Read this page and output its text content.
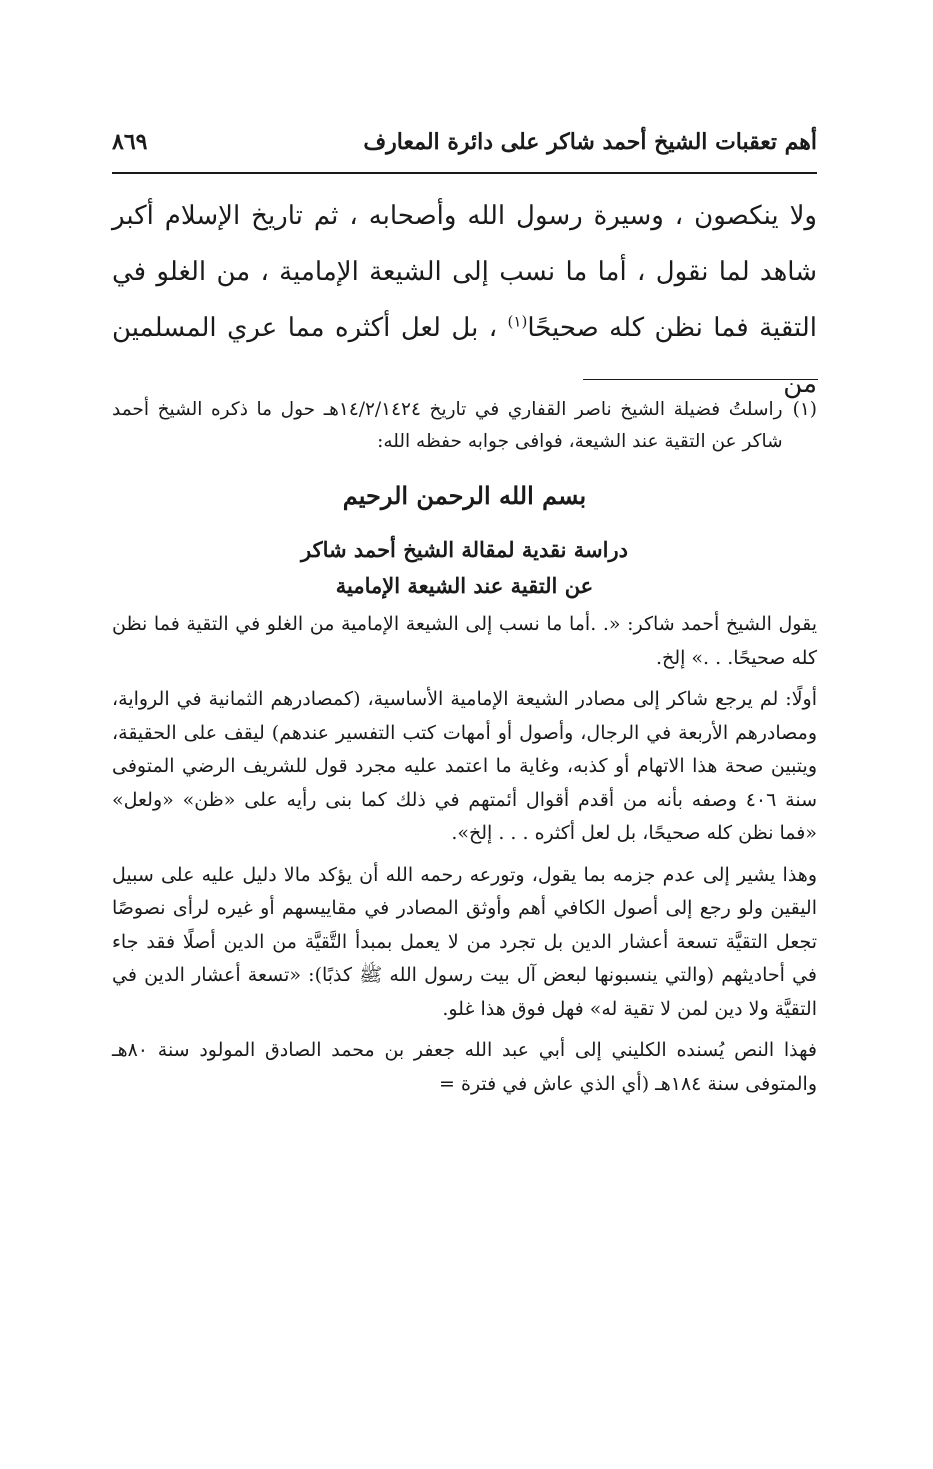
أهم تعقبات الشيخ أحمد شاكر على دائرة المعارف
٨٦٩

ولا ينكصون ، وسيرة رسول الله وأصحابه ، ثم تاريخ الإسلام أكبر شاهد لما نقول ، أما ما نسب إلى الشيعة الإمامية ، من الغلو في التقية فما نظن كله صحيحًا$^{(١)}$ ، بل لعل أكثره مما عري المسلمين من

(١)
راسلتُ فضيلة الشيخ ناصر القفاري في تاريخ ١٤/٢/١٤٢٤هـ حول ما ذكره الشيخ أحمد شاكر عن التقية عند الشيعة، فوافى جوابه حفظه الله:
بسم الله الرحمن الرحيم
دراسة نقدية لمقالة الشيخ أحمد شاكر
عن التقية عند الشيعة الإمامية

يقول الشيخ أحمد شاكر: «. .أما ما نسب إلى الشيعة الإمامية من الغلو في التقية فما نظن كله صحيحًا. . .» إلخ.

أولًا: لم يرجع شاكر إلى مصادر الشيعة الإمامية الأساسية، (كمصادرهم الثمانية في الرواية، ومصادرهم الأربعة في الرجال، وأصول أو أمهات كتب التفسير عندهم) ليقف على الحقيقة، ويتبين صحة هذا الاتهام أو كذبه، وغاية ما اعتمد عليه مجرد قول للشريف الرضي المتوفى سنة ٤٠٦ وصفه بأنه من أقدم أقوال أئمتهم في ذلك كما بنى رأيه على «ظن» «ولعل» «فما نظن كله صحيحًا، بل لعل أكثره . . . إلخ».

وهذا يشير إلى عدم جزمه بما يقول، وتورعه رحمه الله أن يؤكد مالا دليل عليه على سبيل اليقين ولو رجع إلى أصول الكافي أهم وأوثق المصادر في مقاييسهم أو غيره لرأى نصوصًا تجعل التقيَّة تسعة أعشار الدين بل تجرد من لا يعمل بمبدأ التَّقيَّة من الدين أصلًا فقد جاء في أحاديثهم (والتي ينسبونها لبعض آل بيت رسول الله ﷺ كذبًا): «تسعة أعشار الدين في التقيَّة ولا دين لمن لا تقية له» فهل فوق هذا غلو.

فهذا النص يُسنده الكليني إلى أبي عبد الله جعفر بن محمد الصادق المولود سنة ٨٠هـ والمتوفى سنة ١٨٤هـ (أي الذي عاش في فترة =
